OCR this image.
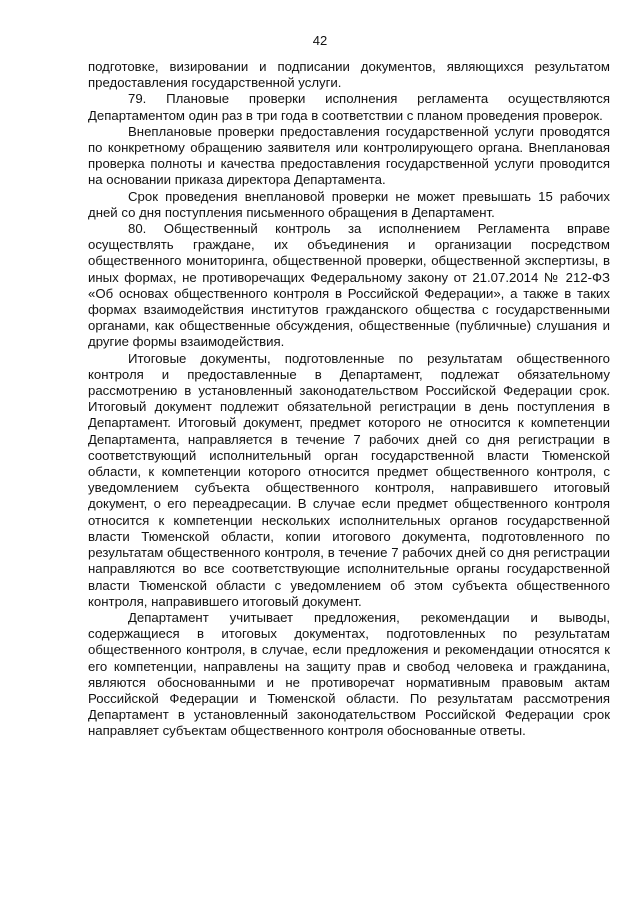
42

подготовке, визировании и подписании документов, являющихся результатом предоставления государственной услуги.

79. Плановые проверки исполнения регламента осуществляются Департаментом один раз в три года в соответствии с планом проведения проверок.

Внеплановые проверки предоставления государственной услуги проводятся по конкретному обращению заявителя или контролирующего органа. Внеплановая проверка полноты и качества предоставления государственной услуги проводится на основании приказа директора Департамента.

Срок проведения внеплановой проверки не может превышать 15 рабочих дней со дня поступления письменного обращения в Департамент.

80. Общественный контроль за исполнением Регламента вправе осуществлять граждане, их объединения и организации посредством общественного мониторинга, общественной проверки, общественной экспертизы, в иных формах, не противоречащих Федеральному закону от 21.07.2014 № 212-ФЗ «Об основах общественного контроля в Российской Федерации», а также в таких формах взаимодействия институтов гражданского общества с государственными органами, как общественные обсуждения, общественные (публичные) слушания и другие формы взаимодействия.

Итоговые документы, подготовленные по результатам общественного контроля и предоставленные в Департамент, подлежат обязательному рассмотрению в установленный законодательством Российской Федерации срок. Итоговый документ подлежит обязательной регистрации в день поступления в Департамент. Итоговый документ, предмет которого не относится к компетенции Департамента, направляется в течение 7 рабочих дней со дня регистрации в соответствующий исполнительный орган государственной власти Тюменской области, к компетенции которого относится предмет общественного контроля, с уведомлением субъекта общественного контроля, направившего итоговый документ, о его переадресации. В случае если предмет общественного контроля относится к компетенции нескольких исполнительных органов государственной власти Тюменской области, копии итогового документа, подготовленного по результатам общественного контроля, в течение 7 рабочих дней со дня регистрации направляются во все соответствующие исполнительные органы государственной власти Тюменской области с уведомлением об этом субъекта общественного контроля, направившего итоговый документ.

Департамент учитывает предложения, рекомендации и выводы, содержащиеся в итоговых документах, подготовленных по результатам общественного контроля, в случае, если предложения и рекомендации относятся к его компетенции, направлены на защиту прав и свобод человека и гражданина, являются обоснованными и не противоречат нормативным правовым актам Российской Федерации и Тюменской области. По результатам рассмотрения Департамент в установленный законодательством Российской Федерации срок направляет субъектам общественного контроля обоснованные ответы.
